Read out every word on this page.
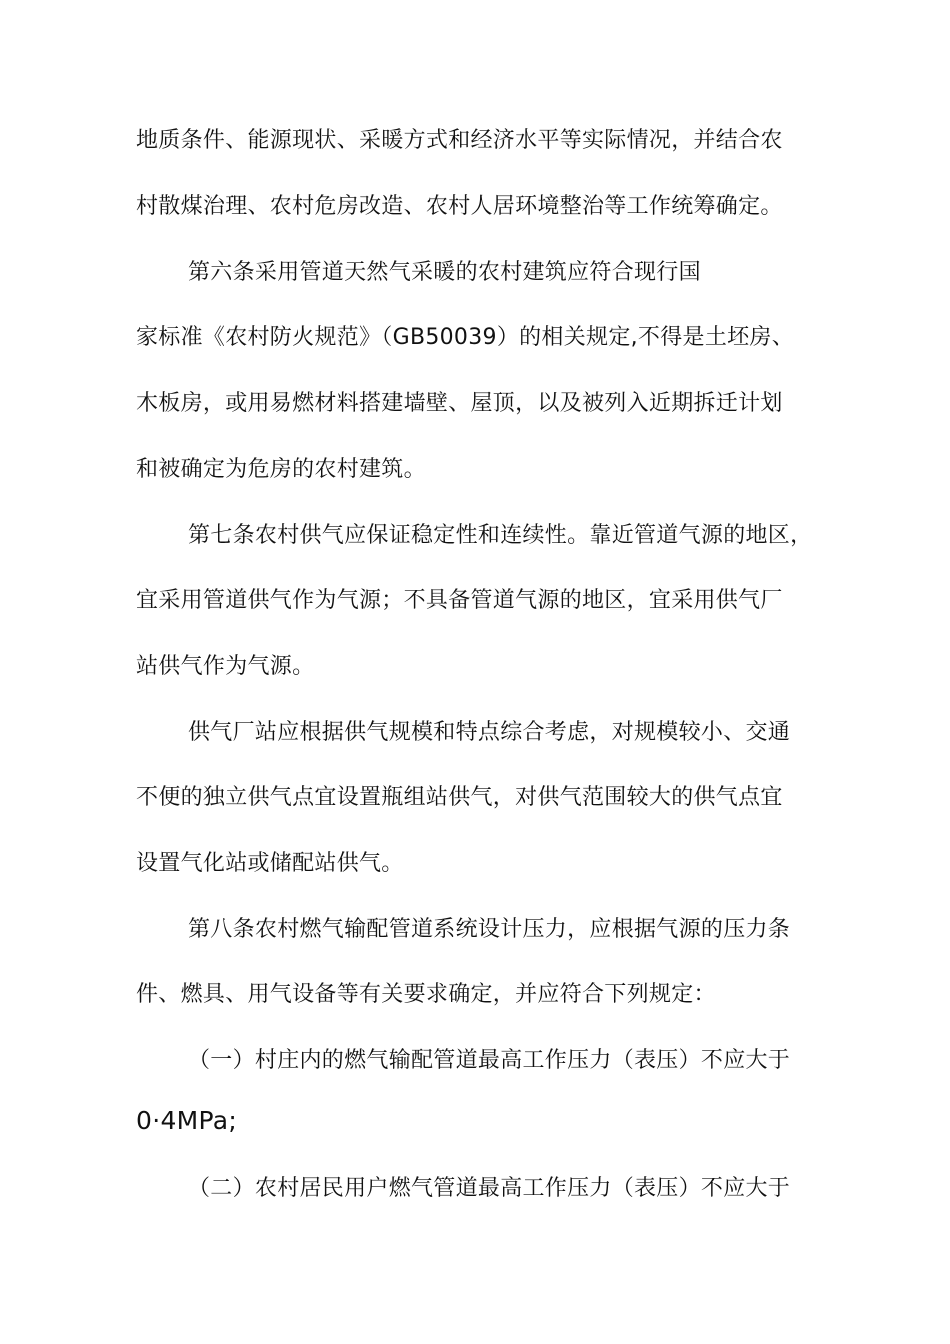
地质条件、能源现状、采暖方式和经济水平等实际情况，并结合农
村散煤治理、农村危房改造、农村人居环境整治等工作统筹确定。
第六条采用管道天然气采暖的农村建筑应符合现行国
家标准《农村防火规范》（GB50039）的相关规定,不得是土坯房、
木板房，或用易燃材料搭建墙壁、屋顶，以及被列入近期拆迁计划
和被确定为危房的农村建筑。
第七条农村供气应保证稳定性和连续性。靠近管道气源的地区，
宜采用管道供气作为气源；不具备管道气源的地区，宜采用供气厂
站供气作为气源。
供气厂站应根据供气规模和特点综合考虑，对规模较小、交通
不便的独立供气点宜设置瓶组站供气，对供气范围较大的供气点宜
设置气化站或储配站供气。
第八条农村燃气输配管道系统设计压力，应根据气源的压力条
件、燃具、用气设备等有关要求确定，并应符合下列规定：
（一）村庄内的燃气输配管道最高工作压力（表压）不应大于
0·4MPa;
（二）农村居民用户燃气管道最高工作压力（表压）不应大于
